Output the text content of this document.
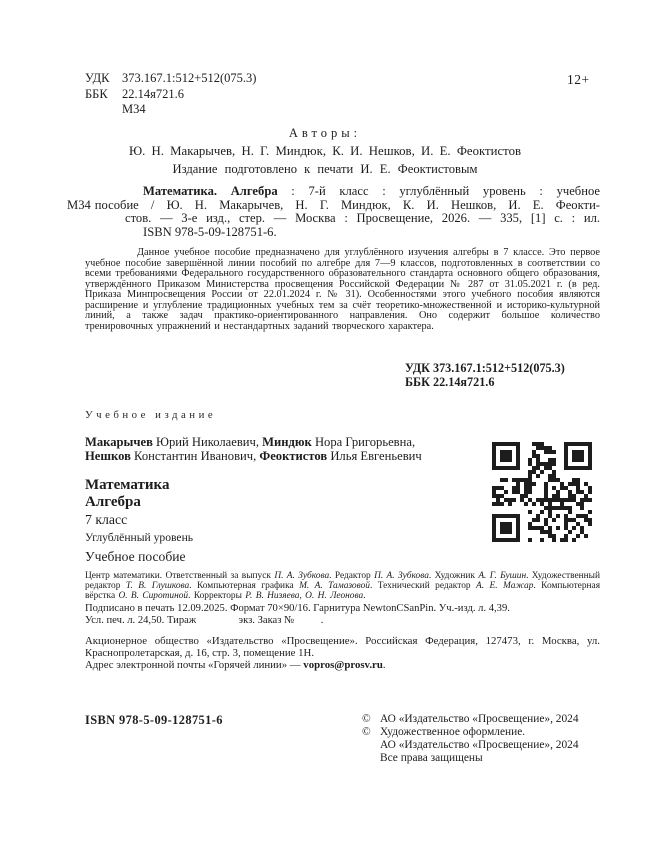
УДК	373.167.1:512+512(075.3)
ББК	22.14я721.6
М34
12+
Авторы:
Ю. Н. Макарычев, Н. Г. Миндюк, К. И. Нешков, И. Е. Феоктистов
Издание подготовлено к печати И. Е. Феоктистовым
Математика. Алгебра : 7-й класс : углублённый уровень : учебное
М34 пособие / Ю. Н. Макарычев, Н. Г. Миндюк, К. И. Нешков, И. Е. Феокти-
стов. — 3-е изд., стер. — Москва : Просвещение, 2026. — 335, [1] с. : ил.
ISBN 978-5-09-128751-6.
Данное учебное пособие предназначено для углублённого изучения алгебры в 7 классе. Это первое учебное пособие завершённой линии пособий по алгебре для 7—9 классов, подготовленных в соответствии со всеми требованиями Федерального государственного образовательного стандарта основного общего образования, утверждённого Приказом Министерства просвещения Российской Федерации № 287 от 31.05.2021 г. (в ред. Приказа Минпросвещения России от 22.01.2024 г. № 31). Особенностями этого учебного пособия являются расширение и углубление традиционных учебных тем за счёт теоретико-множественной и историко-культурной линий, а также задач практико-ориентированного направления. Оно содержит большое количество тренировочных упражнений и нестандартных заданий творческого характера.
УДК 373.167.1:512+512(075.3)
ББК 22.14я721.6
Учебное издание
Макарычев Юрий Николаевич, Миндюк Нора Григорьевна,
Нешков Константин Иванович, Феоктистов Илья Евгеньевич
Математика
Алгебра
7 класс
Углублённый уровень
Учебное пособие
Центр математики. Ответственный за выпуск П. А. Зубкова. Редактор П. А. Зубкова. Художник А. Г. Бушин. Художественный редактор Т. В. Глушкова. Компьютерная графика М. А. Тамазовой. Технический редактор А. Е. Мажар. Компьютерная вёрстка О. В. Сиротиной. Корректоры Р. В. Низяева, О. Н. Леонова.
Подписано в печать 12.09.2025. Формат 70×90/16. Гарнитура NewtonCSanPin. Уч.-изд. л. 4,39.
Усл. печ. л. 24,50. Тираж         экз. Заказ №      .
Акционерное общество «Издательство «Просвещение». Российская Федерация, 127473, г. Москва, ул. Краснопролетарская, д. 16, стр. 3, помещение 1Н.
Адрес электронной почты «Горячей линии» — vopros@prosv.ru.
ISBN 978-5-09-128751-6	© АО «Издательство «Просвещение», 2024
© Художественное оформление.
АО «Издательство «Просвещение», 2024
Все права защищены
